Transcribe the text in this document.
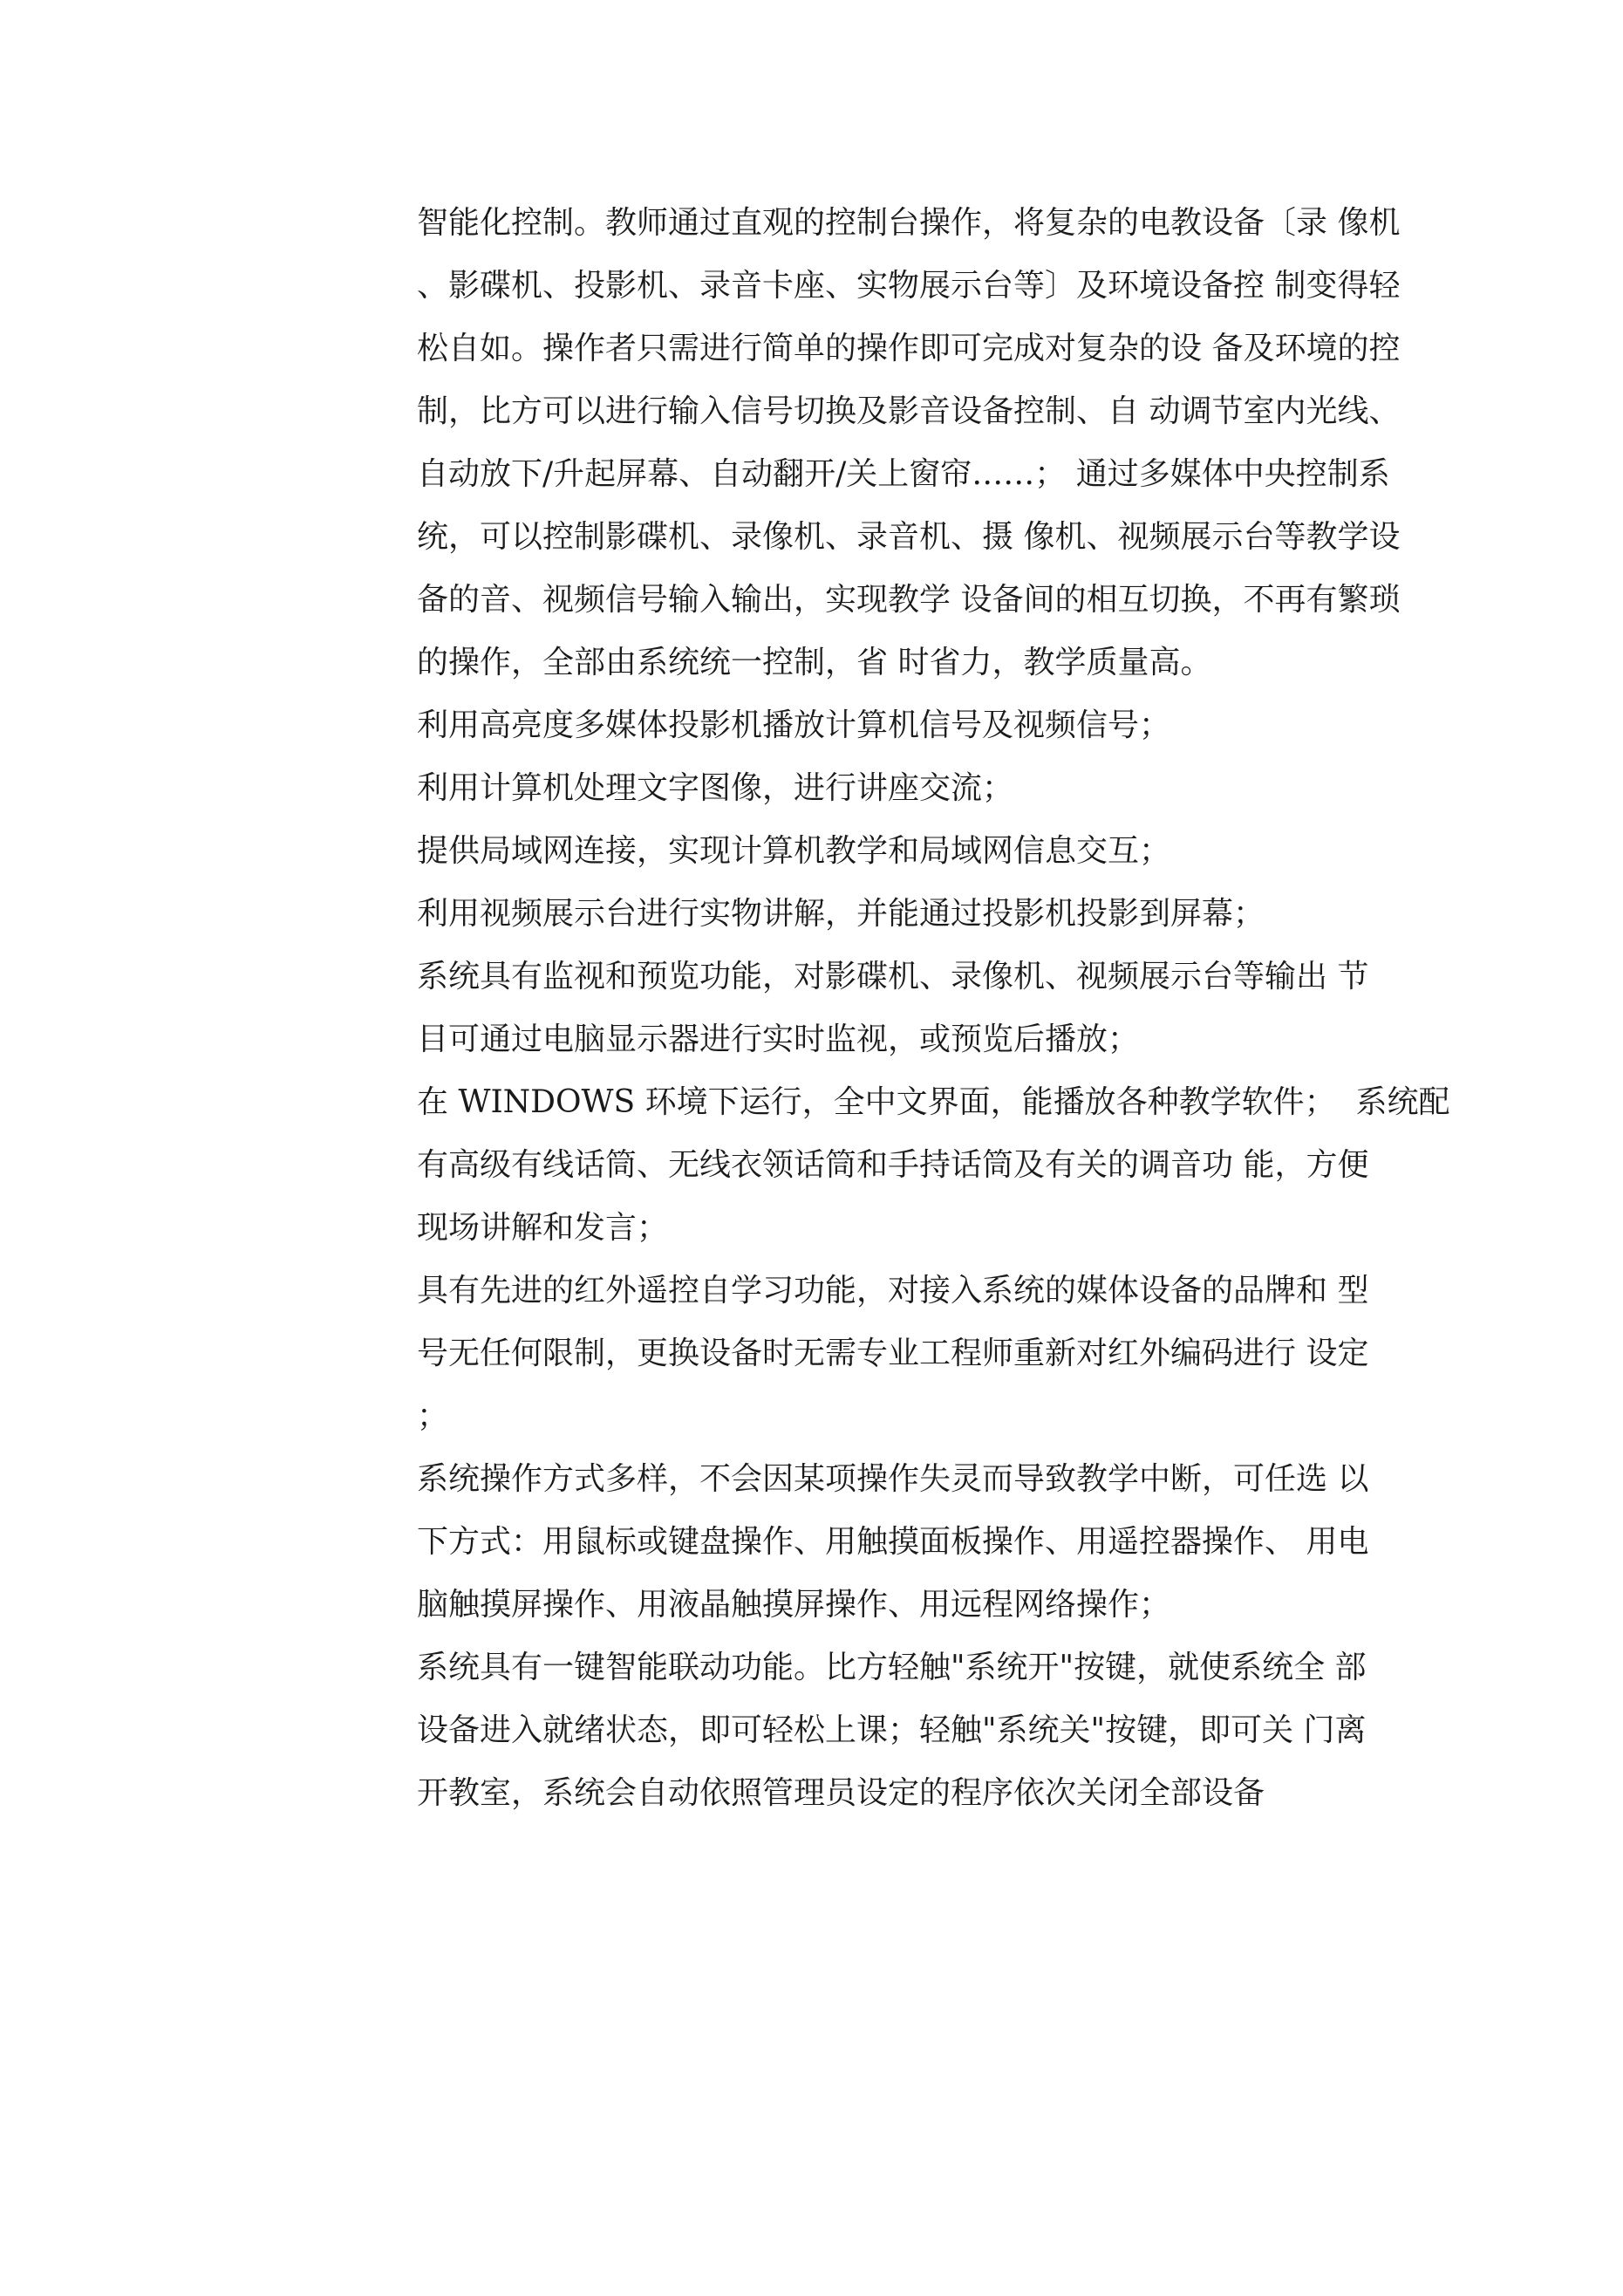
智能化控制。教师通过直观的控制台操作，将复杂的电教设备〔录 像机
、影碟机、投影机、录音卡座、实物展示台等〕及环境设备控 制变得轻
松自如。操作者只需进行简单的操作即可完成对复杂的设 备及环境的控
制，比方可以进行输入信号切换及影音设备控制、自 动调节室内光线、
自动放下/升起屏幕、自动翻开/关上窗帘……； 通过多媒体中央控制系
统，可以控制影碟机、录像机、录音机、摄 像机、视频展示台等教学设
备的音、视频信号输入输出，实现教学 设备间的相互切换，不再有繁琐
的操作，全部由系统统一控制，省 时省力，教学质量高。
利用高亮度多媒体投影机播放计算机信号及视频信号；
利用计算机处理文字图像，进行讲座交流；
提供局域网连接，实现计算机教学和局域网信息交互；
利用视频展示台进行实物讲解，并能通过投影机投影到屏幕；
系统具有监视和预览功能，对影碟机、录像机、视频展示台等输出 节
目可通过电脑显示器进行实时监视，或预览后播放；
在 WINDOWS 环境下运行，全中文界面，能播放各种教学软件；  系统配
有高级有线话筒、无线衣领话筒和手持话筒及有关的调音功 能，方便
现场讲解和发言；
具有先进的红外遥控自学习功能，对接入系统的媒体设备的品牌和 型
号无任何限制，更换设备时无需专业工程师重新对红外编码进行 设定
；
系统操作方式多样，不会因某项操作失灵而导致教学中断，可任选 以
下方式：用鼠标或键盘操作、用触摸面板操作、用遥控器操作、 用电
脑触摸屏操作、用液晶触摸屏操作、用远程网络操作；
系统具有一键智能联动功能。比方轻触"系统开"按键，就使系统全 部
设备进入就绪状态，即可轻松上课；轻触"系统关"按键，即可关 门离
开教室，系统会自动依照管理员设定的程序依次关闭全部设备
